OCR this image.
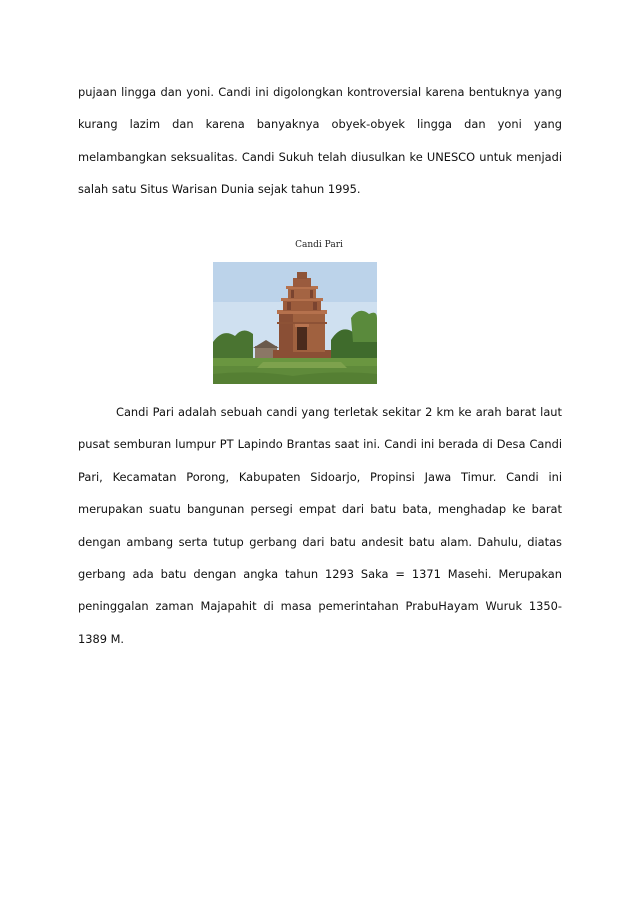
pujaan lingga dan yoni. Candi ini digolongkan kontroversial karena bentuknya yang kurang lazim dan karena banyaknya obyek-obyek lingga dan yoni yang melambangkan seksualitas. Candi Sukuh telah diusulkan ke UNESCO untuk menjadi salah satu Situs Warisan Dunia sejak tahun 1995.

Candi Pari

Candi Pari adalah sebuah candi yang terletak sekitar 2 km ke arah barat laut pusat semburan lumpur PT Lapindo Brantas saat ini. Candi ini berada di Desa Candi Pari, Kecamatan Porong, Kabupaten Sidoarjo, Propinsi Jawa Timur. Candi ini merupakan suatu bangunan persegi empat dari batu bata, menghadap ke barat dengan ambang serta tutup gerbang dari batu andesit batu alam. Dahulu, diatas gerbang ada batu dengan angka tahun 1293 Saka = 1371 Masehi. Merupakan peninggalan zaman Majapahit di masa pemerintahan PrabuHayam Wuruk 1350-1389 M.
